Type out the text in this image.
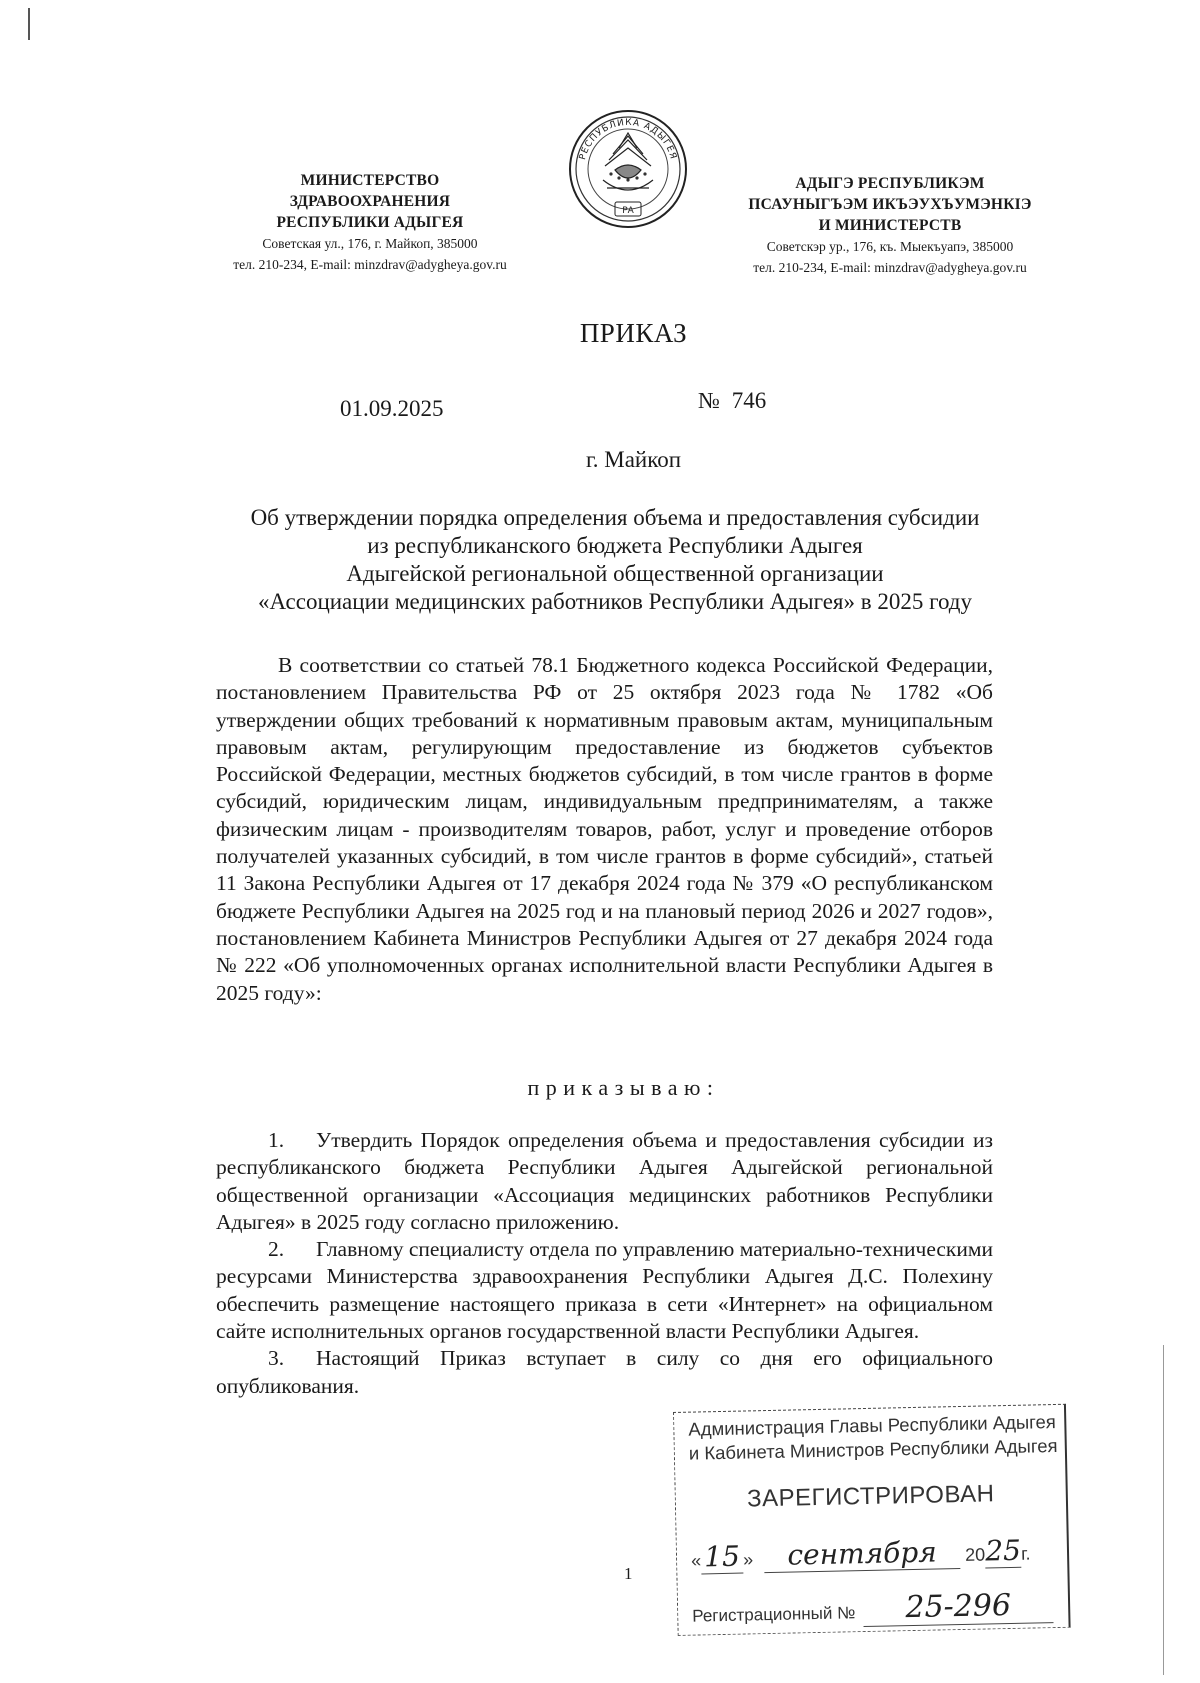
МИНИСТЕРСТВО
ЗДРАВООХРАНЕНИЯ
РЕСПУБЛИКИ АДЫГЕЯ
Советская ул., 176, г. Майкоп, 385000
тел. 210-234, E-mail: minzdrav@adygheya.gov.ru
РЕСПУБЛИКА АДЫГЕЯ
РА
АДЫГЭ РЕСПУБЛИКЭМ
ПСАУНЫГЪЭМ ИКЪЭУХЪУМЭНКIЭ
И МИНИСТЕРСТВ
Советскэр ур., 176, къ. Мыекъуапэ, 385000
тел. 210-234, E-mail: minzdrav@adygheya.gov.ru
ПРИКАЗ
01.09.2025	№ 746
г. Майкоп
Об утверждении порядка определения объема и предоставления субсидии
из республиканского бюджета Республики Адыгея
Адыгейской региональной общественной организации
«Ассоциации медицинских работников Республики Адыгея» в 2025 году
В соответствии со статьей 78.1 Бюджетного кодекса Российской Федерации, постановлением Правительства РФ от 25 октября 2023 года № 1782 «Об утверждении общих требований к нормативным правовым актам, муниципальным правовым актам, регулирующим предоставление из бюджетов субъектов Российской Федерации, местных бюджетов субсидий, в том числе грантов в форме субсидий, юридическим лицам, индивидуальным предпринимателям, а также физическим лицам - производителям товаров, работ, услуг и проведение отборов получателей указанных субсидий, в том числе грантов в форме субсидий», статьей 11 Закона Республики Адыгея от 17 декабря 2024 года № 379 «О республиканском бюджете Республики Адыгея на 2025 год и на плановый период 2026 и 2027 годов», постановлением Кабинета Министров Республики Адыгея от 27 декабря 2024 года № 222 «Об уполномоченных органах исполнительной власти Республики Адыгея в 2025 году»:
приказываю:

1. Утвердить Порядок определения объема и предоставления субсидии из республиканского бюджета Республики Адыгея Адыгейской региональной общественной организации «Ассоциация медицинских работников Республики Адыгея» в 2025 году согласно приложению.

2. Главному специалисту отдела по управлению материально-техническими ресурсами Министерства здравоохранения Республики Адыгея Д.С. Полехину обеспечить размещение настоящего приказа в сети «Интернет» на официальном сайте исполнительных органов государственной власти Республики Адыгея.

3. Настоящий Приказ вступает в силу со дня его официального опубликования.

1
Администрация Главы Республики Адыгея
и Кабинета Министров Республики Адыгея
ЗАРЕГИСТРИРОВАН
«15 » сентября 2025г.
Регистрационный № 25-296
